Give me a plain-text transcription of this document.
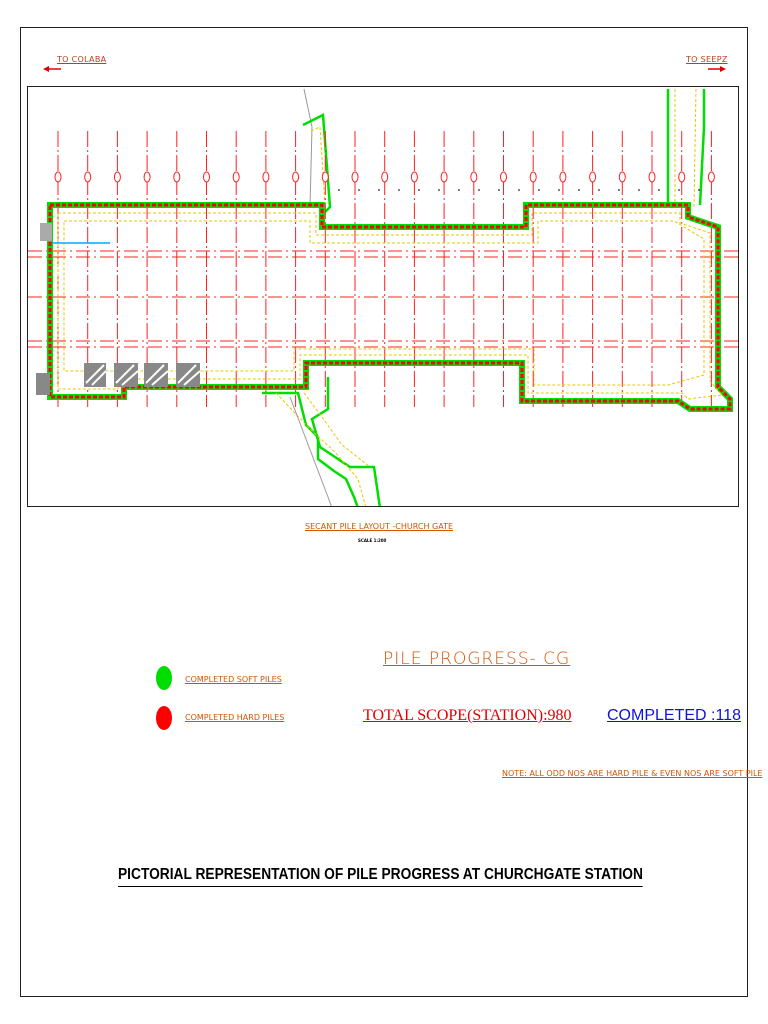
TO COLABA	TO SEEPZ
SECANT PILE LAYOUT -CHURCH GATE
SCALE 1:200
PILE PROGRESS- CG
COMPLETED SOFT PILES
COMPLETED HARD PILES	TOTAL SCOPE(STATION):980 COMPLETED :118
NOTE: ALL ODD NOS ARE HARD PILE & EVEN NOS ARE SOFT PILE
PICTORIAL REPRESENTATION OF PILE PROGRESS AT CHURCHGATE STATION
